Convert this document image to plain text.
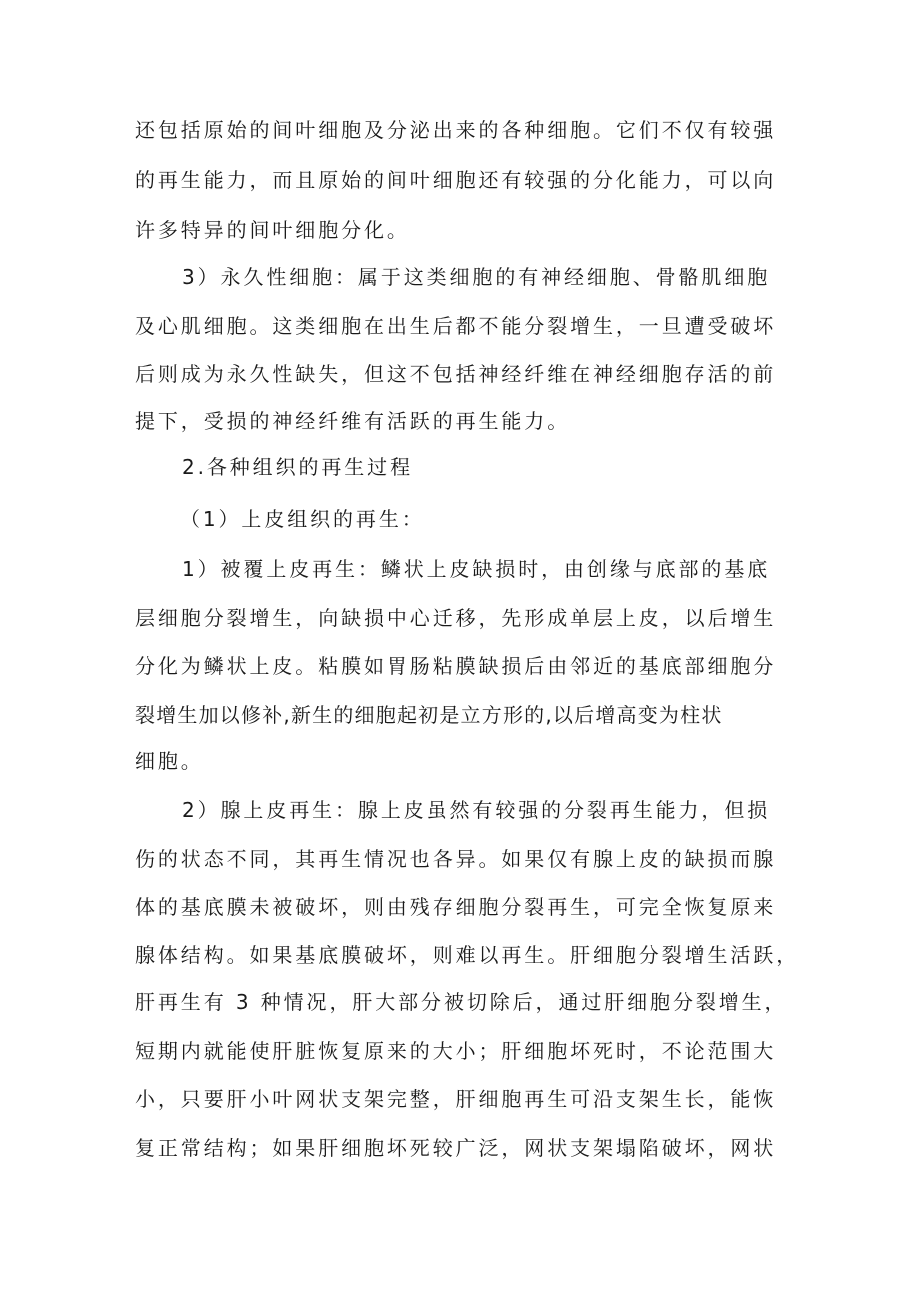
还包括原始的间叶细胞及分泌出来的各种细胞。它们不仅有较强
的再生能力，而且原始的间叶细胞还有较强的分化能力，可以向
许多特异的间叶细胞分化。
3）永久性细胞：属于这类细胞的有神经细胞、骨骼肌细胞
及心肌细胞。这类细胞在出生后都不能分裂增生，一旦遭受破坏
后则成为永久性缺失，但这不包括神经纤维在神经细胞存活的前
提下，受损的神经纤维有活跃的再生能力。
2.各种组织的再生过程
（1）上皮组织的再生：
1）被覆上皮再生：鳞状上皮缺损时，由创缘与底部的基底
层细胞分裂增生，向缺损中心迁移，先形成单层上皮，以后增生
分化为鳞状上皮。粘膜如胃肠粘膜缺损后由邻近的基底部细胞分
裂增生加以修补,新生的细胞起初是立方形的,以后增高变为柱状
细胞。
2）腺上皮再生：腺上皮虽然有较强的分裂再生能力，但损
伤的状态不同，其再生情况也各异。如果仅有腺上皮的缺损而腺
体的基底膜未被破坏，则由残存细胞分裂再生，可完全恢复原来
腺体结构。如果基底膜破坏，则难以再生。肝细胞分裂增生活跃，
肝再生有 3 种情况，肝大部分被切除后，通过肝细胞分裂增生，
短期内就能使肝脏恢复原来的大小；肝细胞坏死时，不论范围大
小，只要肝小叶网状支架完整，肝细胞再生可沿支架生长，能恢
复正常结构；如果肝细胞坏死较广泛，网状支架塌陷破坏，网状
